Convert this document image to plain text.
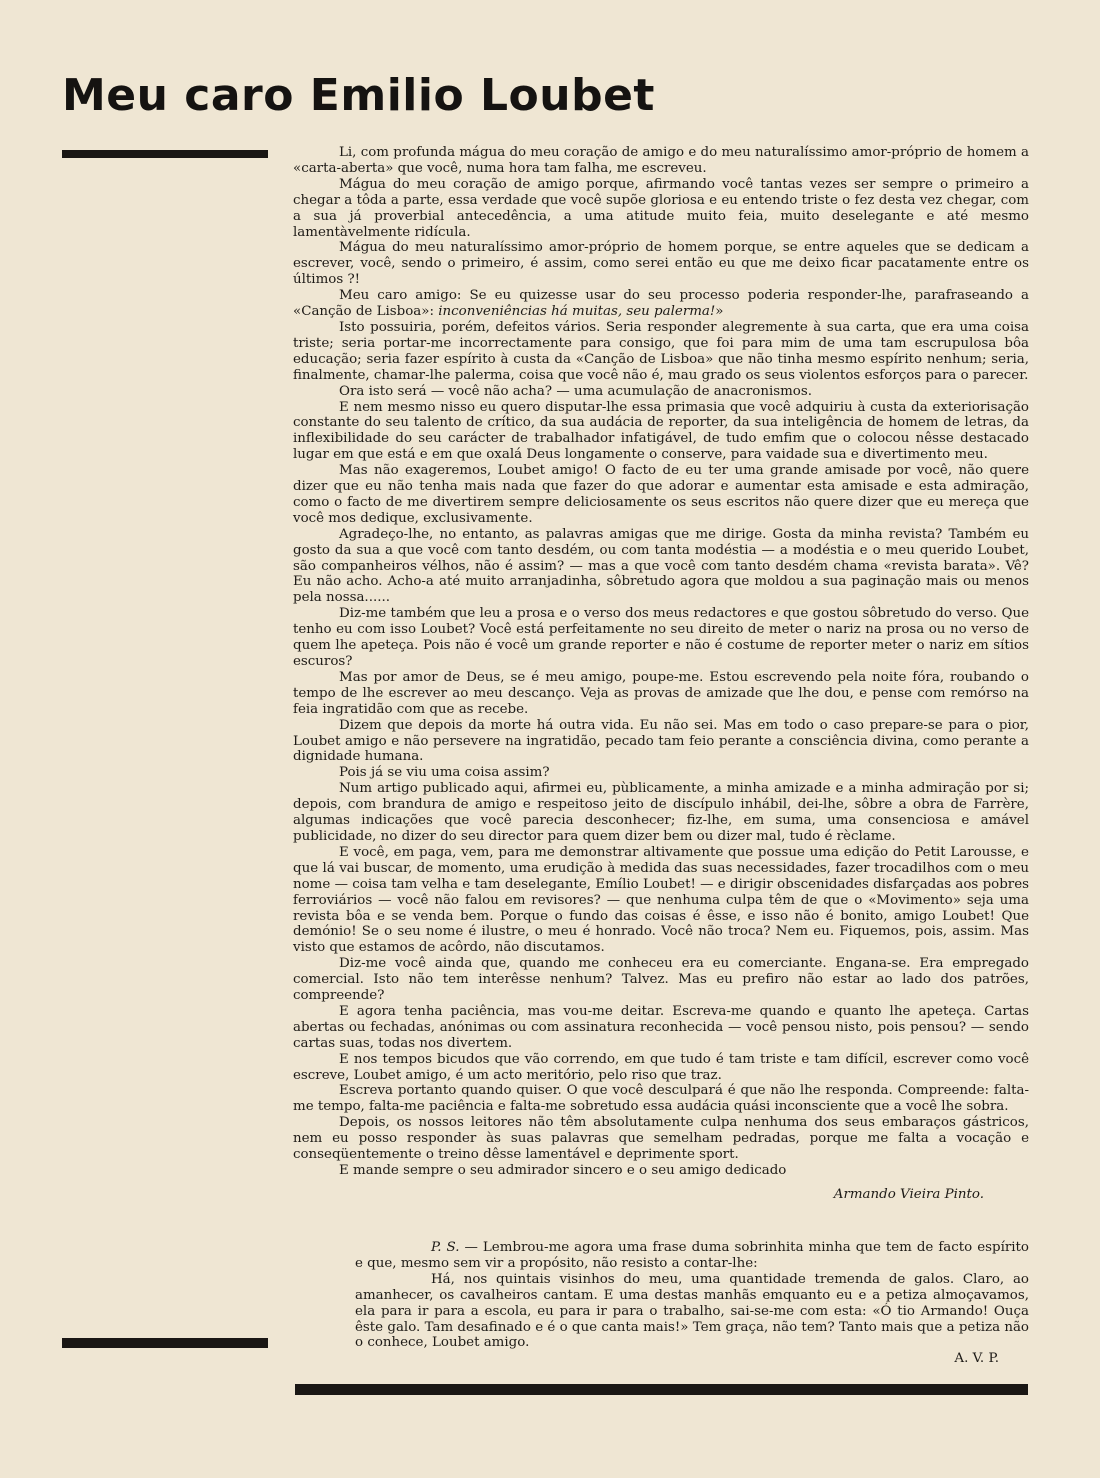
Meu caro Emilio Loubet

Li, com profunda mágua do meu coração de amigo e do meu naturalíssimo amor-próprio de homem a «carta-aberta» que você, numa hora tam falha, me escreveu.

Mágua do meu coração de amigo porque, afirmando você tantas vezes ser sempre o primeiro a chegar a tôda a parte, essa verdade que você supõe gloriosa e eu entendo triste o fez desta vez chegar, com a sua já proverbial antecedência, a uma atitude muito feia, muito deselegante e até mesmo lamentàvelmente ridícula.

Mágua do meu naturalíssimo amor-próprio de homem porque, se entre aqueles que se dedicam a escrever, você, sendo o primeiro, é assim, como serei então eu que me deixo ficar pacatamente entre os últimos ?!

Meu caro amigo: Se eu quizesse usar do seu processo poderia responder-lhe, parafraseando a «Canção de Lisboa»: inconveniências há muitas, seu palerma!»

Isto possuiria, porém, defeitos vários. Seria responder alegremente à sua carta, que era uma coisa triste; seria portar-me incorrectamente para consigo, que foi para mim de uma tam escrupulosa bôa educação; seria fazer espírito à custa da «Canção de Lisboa» que não tinha mesmo espírito nenhum; seria, finalmente, chamar-lhe palerma, coisa que você não é, mau grado os seus violentos esforços para o parecer.

Ora isto será — você não acha? — uma acumulação de anacronismos.

E nem mesmo nisso eu quero disputar-lhe essa primasia que você adquiriu à custa da exteriorisação constante do seu talento de crítico, da sua audácia de reporter, da sua inteligência de homem de letras, da inflexibilidade do seu carácter de trabalhador infatigável, de tudo emfim que o colocou nêsse destacado lugar em que está e em que oxalá Deus longamente o conserve, para vaidade sua e divertimento meu.

Mas não exageremos, Loubet amigo! O facto de eu ter uma grande amisade por você, não quere dizer que eu não tenha mais nada que fazer do que adorar e aumentar esta amisade e esta admiração, como o facto de me divertirem sempre deliciosamente os seus escritos não quere dizer que eu mereça que você mos dedique, exclusivamente.

Agradeço-lhe, no entanto, as palavras amigas que me dirige. Gosta da minha revista? Também eu gosto da sua a que você com tanto desdém, ou com tanta modéstia — a modéstia e o meu querido Loubet, são companheiros vélhos, não é assim? — mas a que você com tanto desdém chama «revista barata». Vê? Eu não acho. Acho-a até muito arranjadinha, sôbretudo agora que moldou a sua paginação mais ou menos pela nossa......

Diz-me também que leu a prosa e o verso dos meus redactores e que gostou sôbretudo do verso. Que tenho eu com isso Loubet? Você está perfeitamente no seu direito de meter o nariz na prosa ou no verso de quem lhe apeteça. Pois não é você um grande reporter e não é costume de reporter meter o nariz em sítios escuros?

Mas por amor de Deus, se é meu amigo, poupe-me. Estou escrevendo pela noite fóra, roubando o tempo de lhe escrever ao meu descanço. Veja as provas de amizade que lhe dou, e pense com remórso na feia ingratidão com que as recebe.

Dizem que depois da morte há outra vida. Eu não sei. Mas em todo o caso prepare-se para o pior, Loubet amigo e não persevere na ingratidão, pecado tam feio perante a consciência divina, como perante a dignidade humana.

Pois já se viu uma coisa assim?

Num artigo publicado aqui, afirmei eu, pùblicamente, a minha amizade e a minha admiração por si; depois, com brandura de amigo e respeitoso jeito de discípulo inhábil, dei-lhe, sôbre a obra de Farrère, algumas indicações que você parecia desconhecer; fiz-lhe, em suma, uma consenciosa e amável publicidade, no dizer do seu director para quem dizer bem ou dizer mal, tudo é rèclame.

E você, em paga, vem, para me demonstrar altivamente que possue uma edição do Petit Larousse, e que lá vai buscar, de momento, uma erudição à medida das suas necessidades, fazer trocadilhos com o meu nome — coisa tam velha e tam deselegante, Emílio Loubet! — e dirigir obscenidades disfarçadas aos pobres ferroviários — você não falou em revisores? — que nenhuma culpa têm de que o «Movimento» seja uma revista bôa e se venda bem. Porque o fundo das coisas é êsse, e isso não é bonito, amigo Loubet! Que demónio! Se o seu nome é ilustre, o meu é honrado. Você não troca? Nem eu. Fiquemos, pois, assim. Mas visto que estamos de acôrdo, não discutamos.

Diz-me você ainda que, quando me conheceu era eu comerciante. Engana-se. Era empregado comercial. Isto não tem interêsse nenhum? Talvez. Mas eu prefiro não estar ao lado dos patrões, compreende?

E agora tenha paciência, mas vou-me deitar. Escreva-me quando e quanto lhe apeteça. Cartas abertas ou fechadas, anónimas ou com assinatura reconhecida — você pensou nisto, pois pensou? — sendo cartas suas, todas nos divertem.

E nos tempos bicudos que vão correndo, em que tudo é tam triste e tam difícil, escrever como você escreve, Loubet amigo, é um acto meritório, pelo riso que traz.

Escreva portanto quando quiser. O que você desculpará é que não lhe responda. Compreende: falta-me tempo, falta-me paciência e falta-me sobretudo essa audácia quási inconsciente que a você lhe sobra.

Depois, os nossos leitores não têm absolutamente culpa nenhuma dos seus embaraços gástricos, nem eu posso responder às suas palavras que semelham pedradas, porque me falta a vocação e conseqüentemente o treino dêsse lamentável e deprimente sport.

E mande sempre o seu admirador sincero e o seu amigo dedicado

Armando Vieira Pinto.

P. S. — Lembrou-me agora uma frase duma sobrinhita minha que tem de facto espírito e que, mesmo sem vir a propósito, não resisto a contar-lhe:

Há, nos quintais visinhos do meu, uma quantidade tremenda de galos. Claro, ao amanhecer, os cavalheiros cantam. E uma destas manhãs emquanto eu e a petiza almoçavamos, ela para ir para a escola, eu para ir para o trabalho, sai-se-me com esta: «Ó tio Armando! Ouça êste galo. Tam desafinado e é o que canta mais!» Tem graça, não tem? Tanto mais que a petiza não o conhece, Loubet amigo.

A. V. P.
